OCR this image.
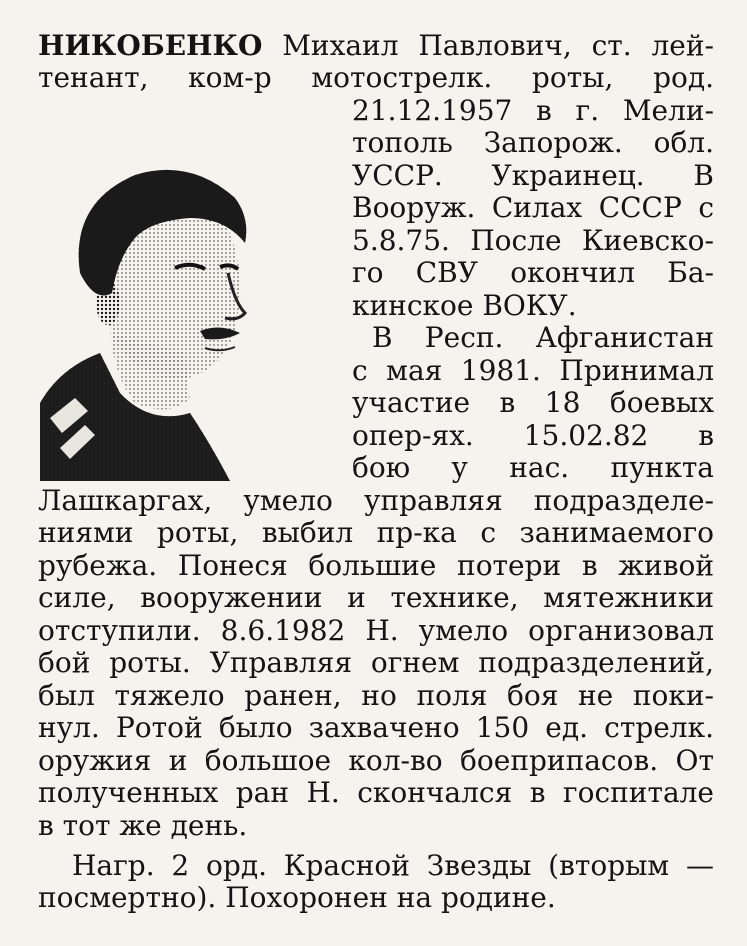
НИКОБЕНКО Михаил Павлович, ст. лей-
тенант, ком-р мотострелк. роты, род.
21.12.1957 в г. Мели-
тополь Запорож. обл.
УССР. Украинец. В
Вооруж. Силах СССР с
5.8.75. После Киевско-
го СВУ окончил Ба-
кинское ВОКУ.
В Респ. Афганистан
с мая 1981. Принимал
участие в 18 боевых
опер-ях. 15.02.82 в
бою у нас. пункта
Лашкаргах, умело управляя подразделе-
ниями роты, выбил пр-ка с занимаемого
рубежа. Понеся большие потери в живой
силе, вооружении и технике, мятежники
отступили. 8.6.1982 Н. умело организовал
бой роты. Управляя огнем подразделений,
был тяжело ранен, но поля боя не поки-
нул. Ротой было захвачено 150 ед. стрелк.
оружия и большое кол-во боеприпасов. От
полученных ран Н. скончался в госпитале
в тот же день.
Нагр. 2 орд. Красной Звезды (вторым —
посмертно). Похоронен на родине.
